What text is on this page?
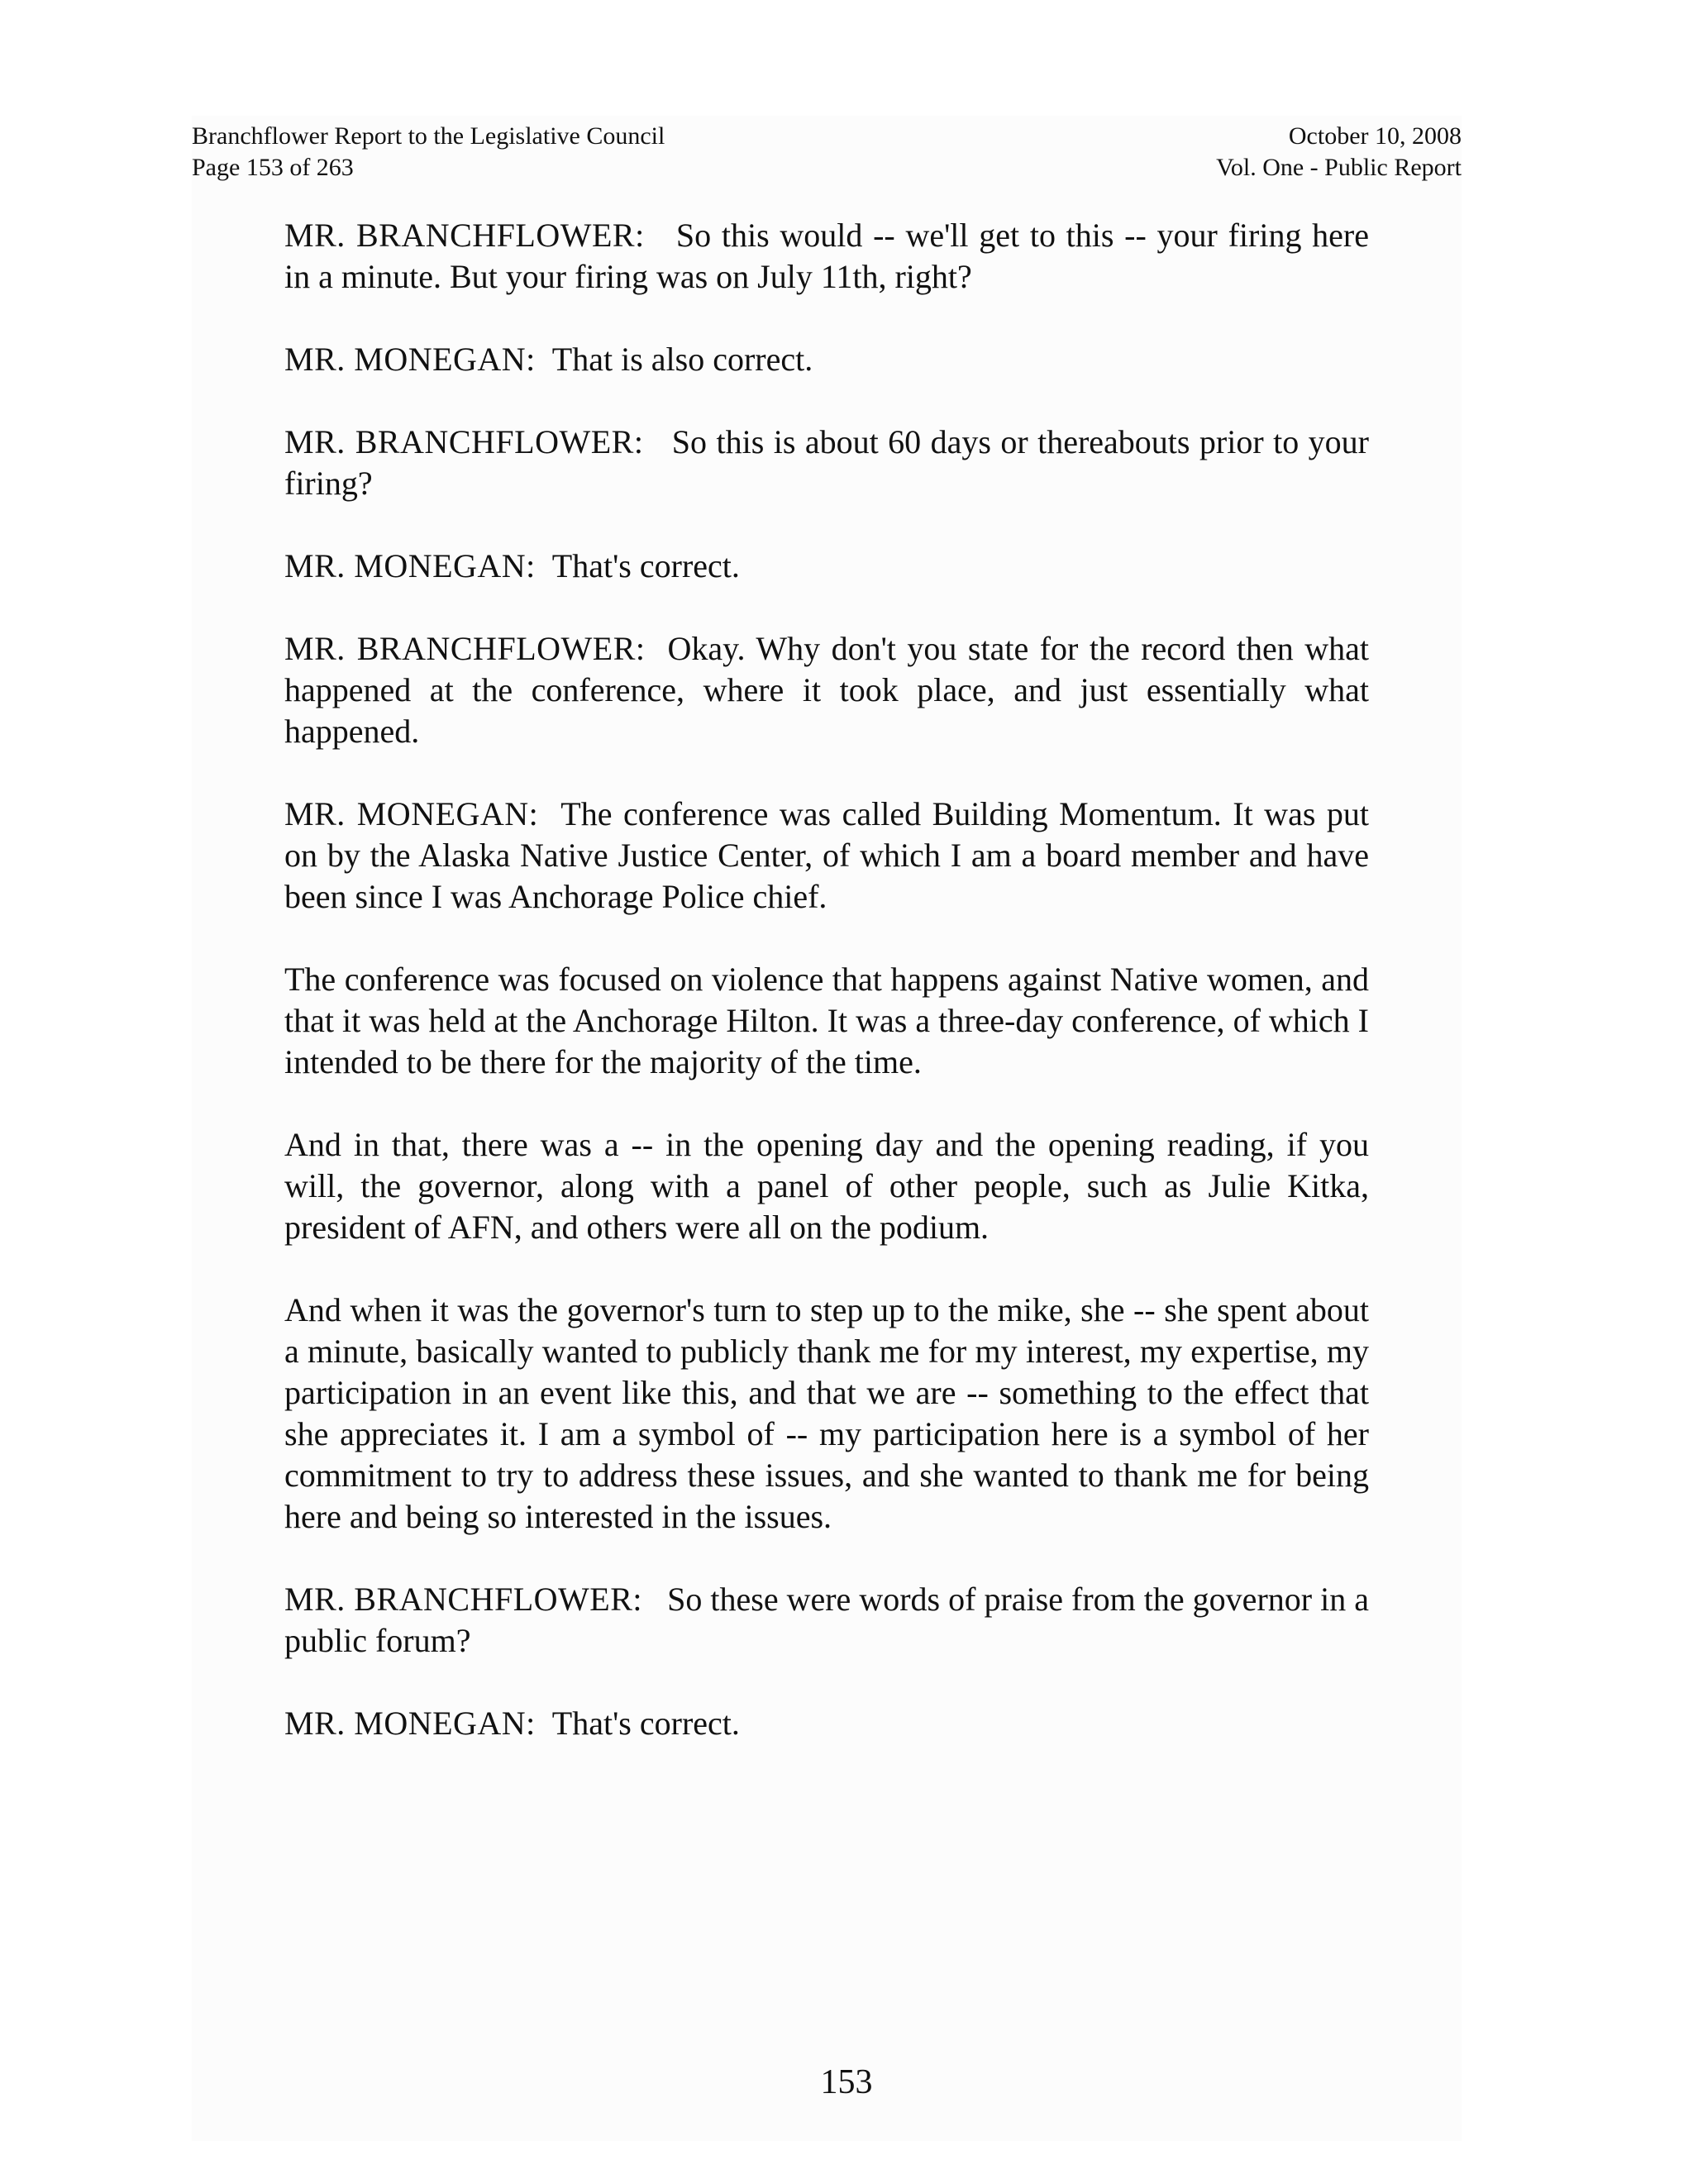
Branchflower Report to the Legislative Council
Page 153 of 263
October 10, 2008
Vol. One - Public Report

MR. BRANCHFLOWER: So this would -- we'll get to this -- your firing here in a minute. But your firing was on July 11th, right?

MR. MONEGAN: That is also correct.

MR. BRANCHFLOWER: So this is about 60 days or thereabouts prior to your firing?

MR. MONEGAN: That's correct.

MR. BRANCHFLOWER: Okay. Why don't you state for the record then what happened at the conference, where it took place, and just essentially what happened.

MR. MONEGAN: The conference was called Building Momentum. It was put on by the Alaska Native Justice Center, of which I am a board member and have been since I was Anchorage Police chief.

The conference was focused on violence that happens against Native women, and that it was held at the Anchorage Hilton. It was a three-day conference, of which I intended to be there for the majority of the time.

And in that, there was a -- in the opening day and the opening reading, if you will, the governor, along with a panel of other people, such as Julie Kitka, president of AFN, and others were all on the podium.

And when it was the governor's turn to step up to the mike, she -- she spent about a minute, basically wanted to publicly thank me for my interest, my expertise, my participation in an event like this, and that we are -- something to the effect that she appreciates it. I am a symbol of -- my participation here is a symbol of her commitment to try to address these issues, and she wanted to thank me for being here and being so interested in the issues.

MR. BRANCHFLOWER: So these were words of praise from the governor in a public forum?

MR. MONEGAN: That's correct.

153
